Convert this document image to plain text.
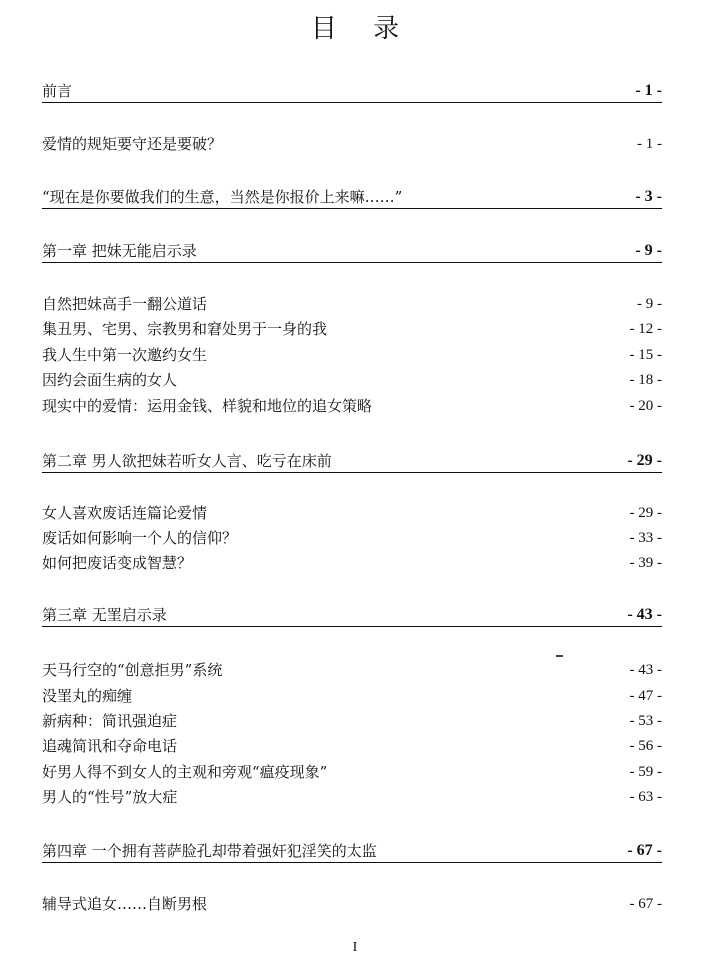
目 录
前言	- 1 -
爱情的规矩要守还是要破？	- 1 -
“现在是你要做我们的生意，当然是你报价上来嘛……”	- 3 -
第一章 把妹无能启示录	- 9 -
自然把妹高手一翻公道话	- 9 -
集丑男、宅男、宗教男和窘处男于一身的我	- 12 -
我人生中第一次邀约女生	- 15 -
因约会面生病的女人	- 18 -
现实中的爱情：运用金钱、样貌和地位的追女策略	- 20 -
第二章 男人欲把妹若听女人言、吃亏在床前	- 29 -
女人喜欢废话连篇论爱情	- 29 -
废话如何影响一个人的信仰？	- 33 -
如何把废话变成智慧？	- 39 -
第三章 无罣启示录	- 43 -
天马行空的“创意拒男”系统	- 43 -
没罣丸的痴缠	- 47 -
新病种：简讯强迫症	- 53 -
追魂简讯和夺命电话	- 56 -
好男人得不到女人的主观和旁观“瘟疫现象”	- 59 -
男人的“性号”放大症	- 63 -
第四章 一个拥有菩萨脸孔却带着强奸犯淫笑的太监	- 67 -
辅导式追女……自断男根	- 67 -
I
